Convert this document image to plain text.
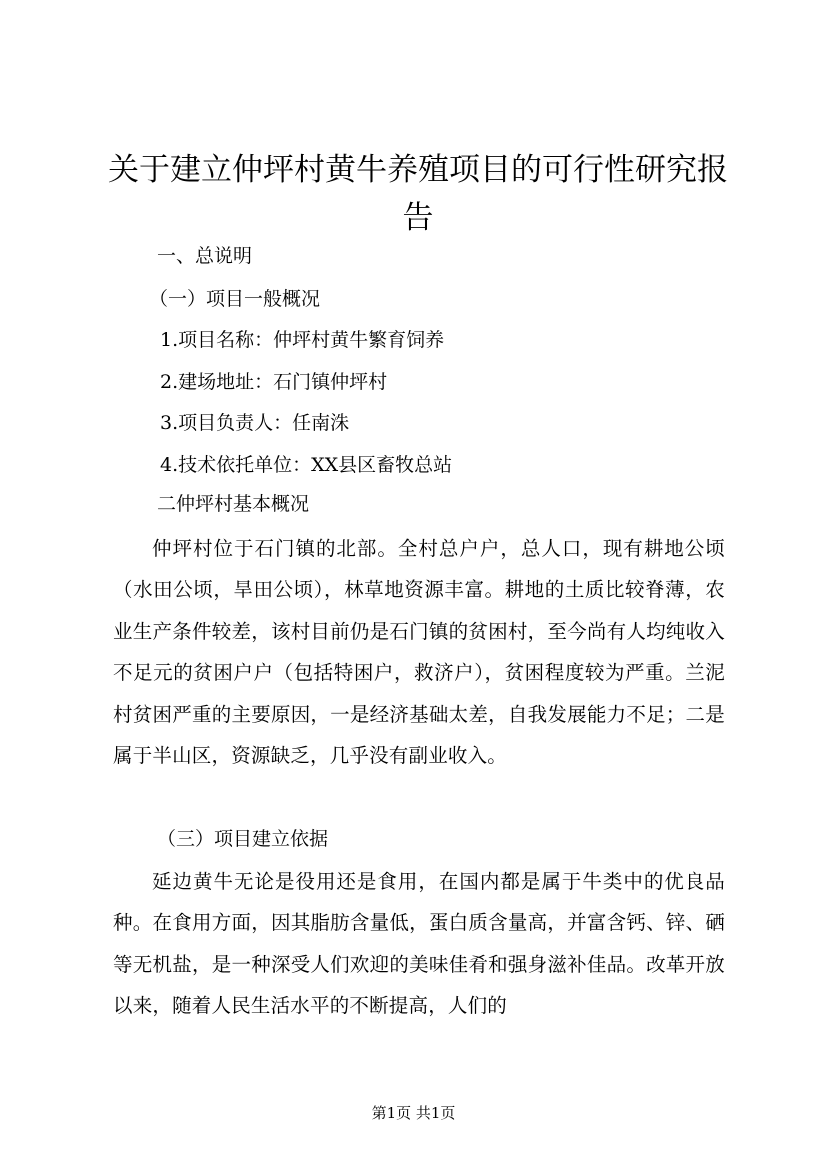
关于建立仲坪村黄牛养殖项目的可行性研究报告

一、总说明

（一）项目一般概况

1.项目名称：仲坪村黄牛繁育饲养

2.建场地址：石门镇仲坪村

3.项目负责人：任南洙

4.技术依托单位：XX县区畜牧总站

二仲坪村基本概况

仲坪村位于石门镇的北部。全村总户户，总人口，现有耕地公顷（水田公顷，旱田公顷），林草地资源丰富。耕地的土质比较脊薄，农业生产条件较差，该村目前仍是石门镇的贫困村，至今尚有人均纯收入不足元的贫困户户（包括特困户，救济户），贫困程度较为严重。兰泥村贫困严重的主要原因，一是经济基础太差，自我发展能力不足；二是属于半山区，资源缺乏，几乎没有副业收入。

（三）项目建立依据

延边黄牛无论是役用还是食用，在国内都是属于牛类中的优良品种。在食用方面，因其脂肪含量低，蛋白质含量高，并富含钙、锌、硒等无机盐，是一种深受人们欢迎的美味佳肴和强身滋补佳品。改革开放以来，随着人民生活水平的不断提高，人们的

第1页 共1页
